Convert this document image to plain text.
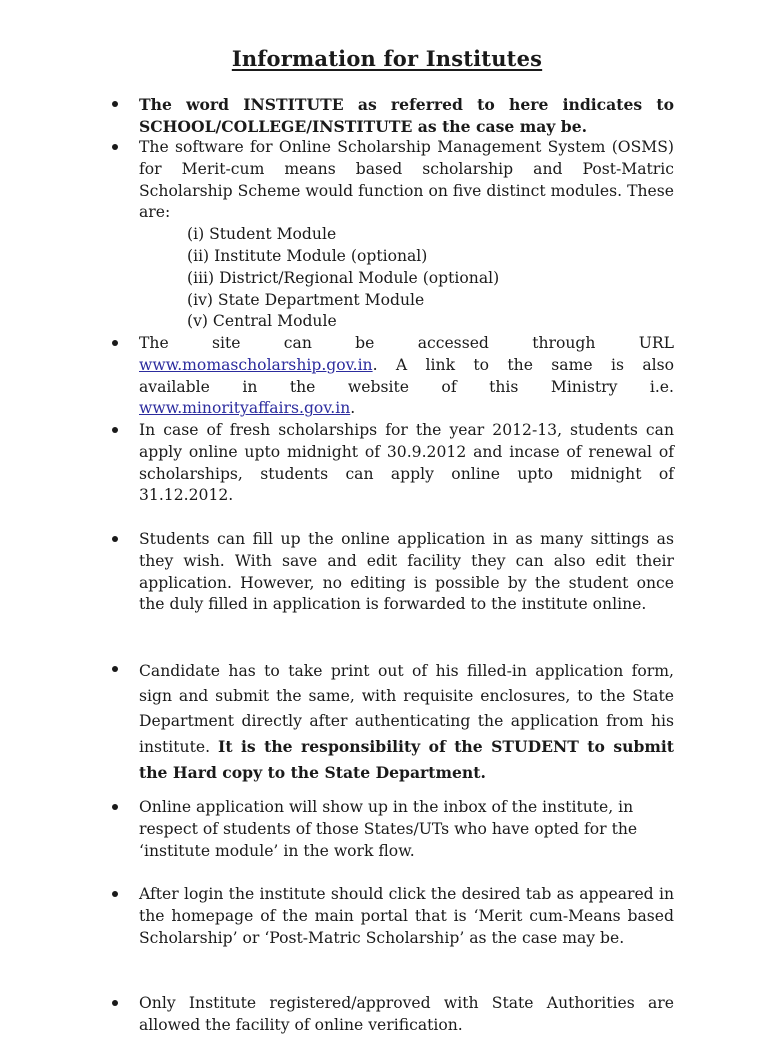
Information for Institutes
The word INSTITUTE as referred to here indicates to
SCHOOL/COLLEGE/INSTITUTE as the case may be.
The software for Online Scholarship Management System (OSMS) for Merit-cum means based scholarship and Post-Matric Scholarship Scheme would function on five distinct modules. These are:
(i) Student Module
(ii) Institute Module (optional)
(iii) District/Regional Module (optional)
(iv) State Department Module
(v) Central Module
The site can be accessed through URL
www.momascholarship.gov.in. A link to the same is also
available in the website of this Ministry i.e.
www.minorityaffairs.gov.in.
In case of fresh scholarships for the year 2012-13, students can apply online upto midnight of 30.9.2012 and incase of renewal of scholarships, students can apply online upto midnight of 31.12.2012.
Students can fill up the online application in as many sittings as they wish. With save and edit facility they can also edit their application. However, no editing is possible by the student once the duly filled in application is forwarded to the institute online.
Candidate has to take print out of his filled-in application form, sign and submit the same, with requisite enclosures, to the State Department directly after authenticating the application from his institute. It is the responsibility of the STUDENT to submit the Hard copy to the State Department.
Online application will show up in the inbox of the institute, in respect of students of those States/UTs who have opted for the ‘institute module’ in the work flow.
After login the institute should click the desired tab as appeared in the homepage of the main portal that is ‘Merit cum-Means based Scholarship’ or ‘Post-Matric Scholarship’ as the case may be.
Only Institute registered/approved with State Authorities are allowed the facility of online verification.
